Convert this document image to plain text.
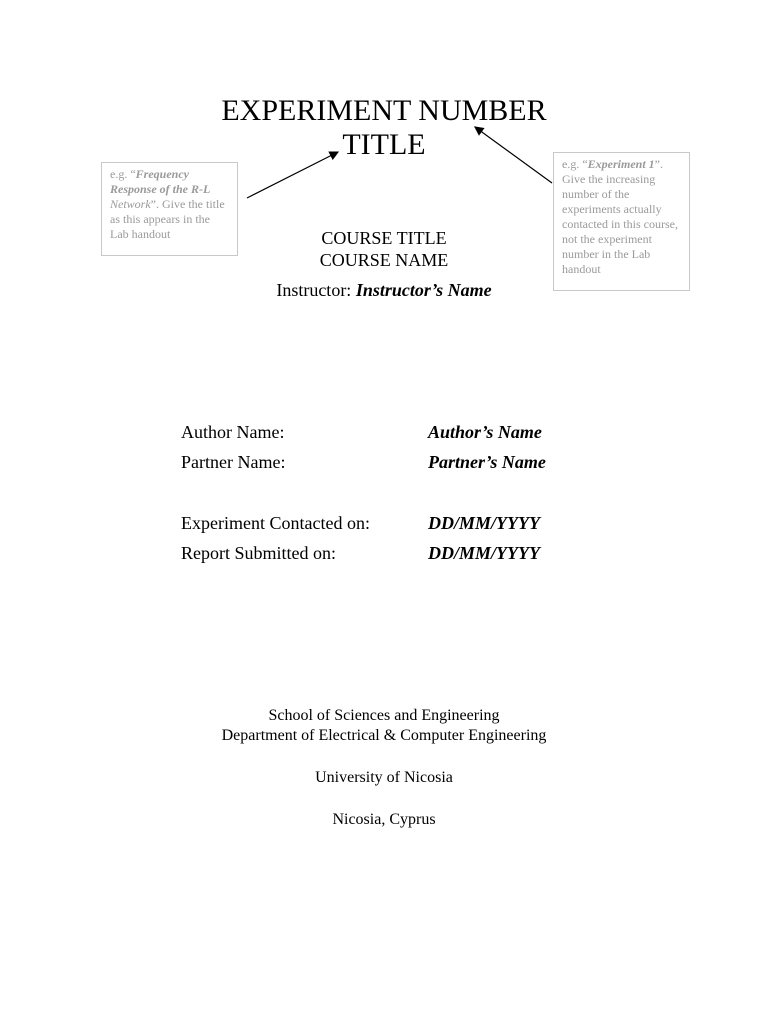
EXPERIMENT NUMBER
TITLE
e.g. “Frequency Response of the R-L Network”. Give the title as this appears in the Lab handout
e.g. “Experiment 1”. Give the increasing number of the experiments actually contacted in this course, not the experiment number in the Lab handout
COURSE TITLE
COURSE NAME
Instructor: Instructor’s Name
Author Name:	Author’s Name
Partner Name:	Partner’s Name
Experiment Contacted on:	DD/MM/YYYY
Report Submitted on:	DD/MM/YYYY
School of Sciences and Engineering
Department of Electrical & Computer Engineering
University of Nicosia
Nicosia, Cyprus
